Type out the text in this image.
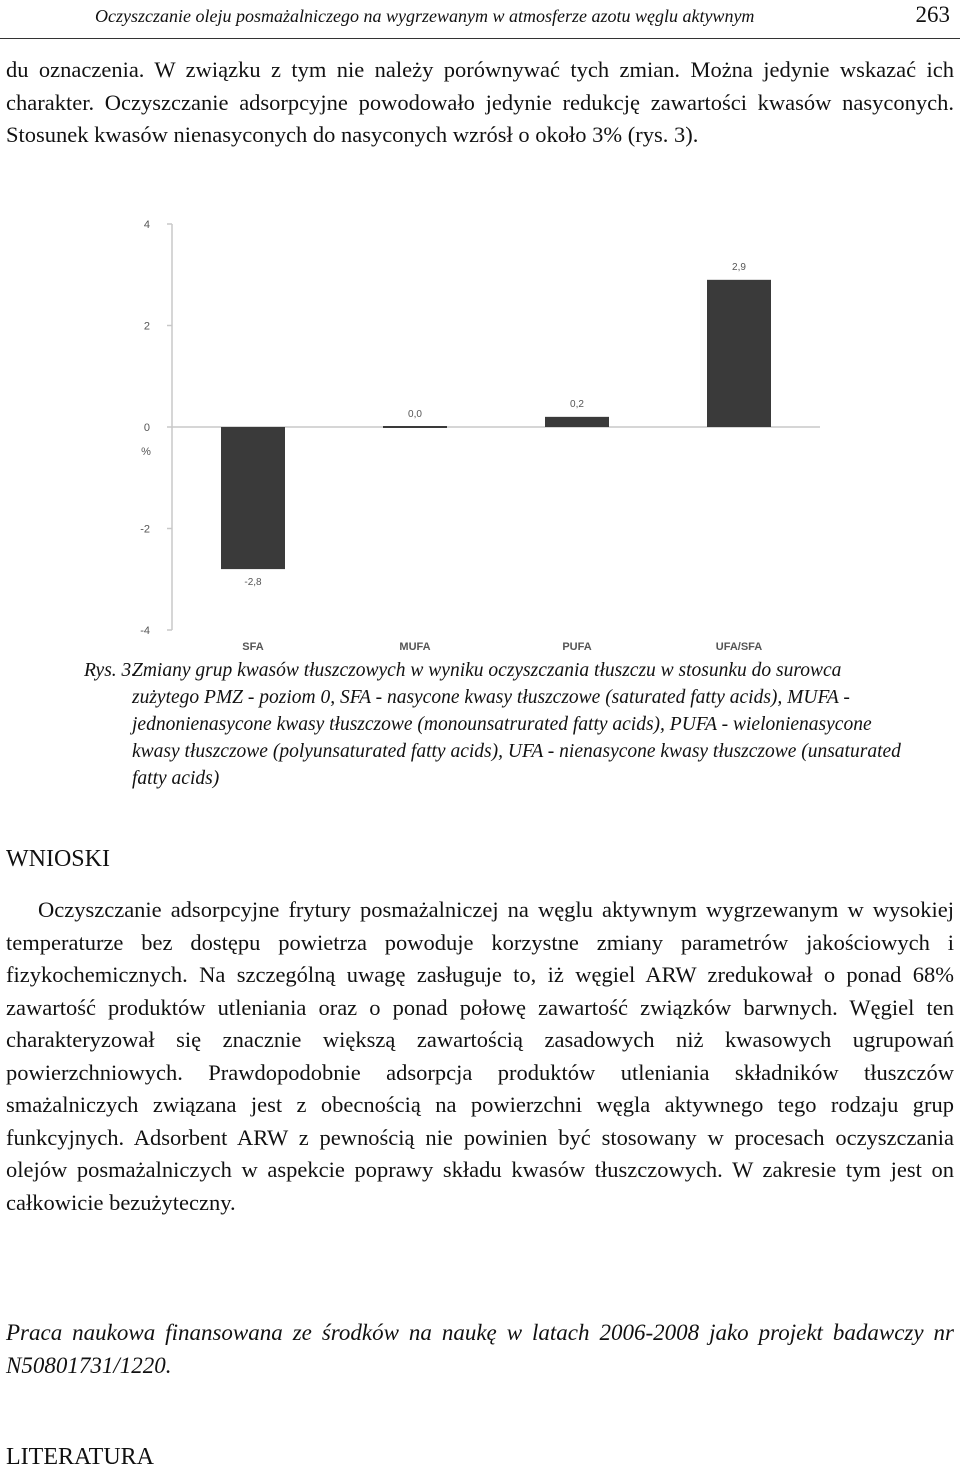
Oczyszczanie oleju posmażalniczego na wygrzewanym w atmosferze azotu węglu aktywnym	263

du oznaczenia. W związku z tym nie należy porównywać tych zmian. Można jedynie wskazać ich charakter. Oczyszczanie adsorpcyjne powodowało jedynie redukcję zawartości kwasów nasyconych. Stosunek kwasów nienasyconych do nasyconych wzrósł o około 3% (rys. 3).

4
2
0
-2
-4
%
-2,8
SFA
0,0
MUFA
0,2
PUFA
2,9
UFA/SFA

Rys. 3.
Zmiany grup kwasów tłuszczowych w wyniku oczyszczania tłuszczu w stosunku do surowca zużytego PMZ - poziom 0, SFA - nasycone kwasy tłuszczowe (saturated fatty acids), MUFA - jednonienasycone kwasy tłuszczowe (monounsatrurated fatty acids), PUFA - wielonienasycone kwasy tłuszczowe (polyunsaturated fatty acids), UFA - nienasycone kwasy tłuszczowe (unsaturated fatty acids)

WNIOSKI

Oczyszczanie adsorpcyjne frytury posmażalniczej na węglu aktywnym wygrzewanym w wysokiej temperaturze bez dostępu powietrza powoduje korzystne zmiany parametrów jakościowych i fizykochemicznych. Na szczególną uwagę zasługuje to, iż węgiel ARW zredukował o ponad 68% zawartość produktów utleniania oraz o ponad połowę zawartość związków barwnych. Węgiel ten charakteryzował się znacznie większą zawartością zasadowych niż kwasowych ugrupowań powierzchniowych. Prawdopodobnie adsorpcja produktów utleniania składników tłuszczów smażalniczych związana jest z obecnością na powierzchni węgla aktywnego tego rodzaju grup funkcyjnych. Adsorbent ARW z pewnością nie powinien być stosowany w procesach oczyszczania olejów posmażalniczych w aspekcie poprawy składu kwasów tłuszczowych. W zakresie tym jest on całkowicie bezużyteczny.

Praca naukowa finansowana ze środków na naukę w latach 2006-2008 jako projekt badawczy nr N50801731/1220.

LITERATURA
